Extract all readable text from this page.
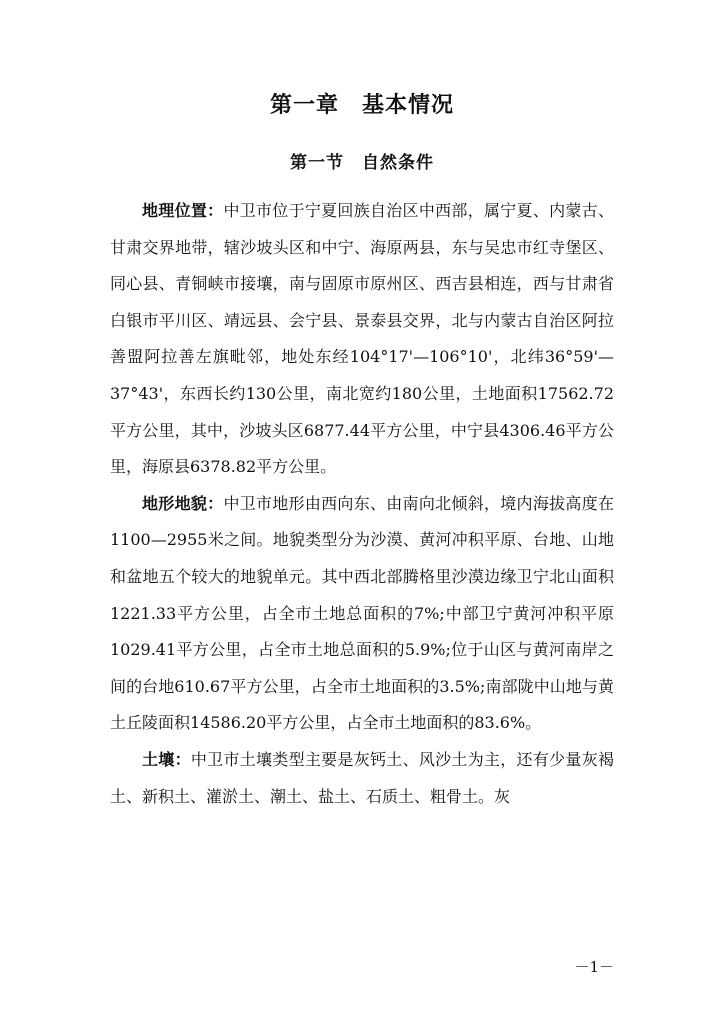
第一章　基本情况
第一节　自然条件

地理位置：中卫市位于宁夏回族自治区中西部，属宁夏、内蒙古、甘肃交界地带，辖沙坡头区和中宁、海原两县，东与吴忠市红寺堡区、同心县、青铜峡市接壤，南与固原市原州区、西吉县相连，西与甘肃省白银市平川区、靖远县、会宁县、景泰县交界，北与内蒙古自治区阿拉善盟阿拉善左旗毗邻，地处东经104°17'—106°10'，北纬36°59'—37°43'，东西长约130公里，南北宽约180公里，土地面积17562.72平方公里，其中，沙坡头区6877.44平方公里，中宁县4306.46平方公里，海原县6378.82平方公里。

地形地貌：中卫市地形由西向东、由南向北倾斜，境内海拔高度在1100—2955米之间。地貌类型分为沙漠、黄河冲积平原、台地、山地和盆地五个较大的地貌单元。其中西北部腾格里沙漠边缘卫宁北山面积1221.33平方公里，占全市土地总面积的7%;中部卫宁黄河冲积平原1029.41平方公里，占全市土地总面积的5.9%;位于山区与黄河南岸之间的台地610.67平方公里，占全市土地面积的3.5%;南部陇中山地与黄土丘陵面积14586.20平方公里，占全市土地面积的83.6%。

土壤：中卫市土壤类型主要是灰钙土、风沙土为主，还有少量灰褐土、新积土、灌淤土、潮土、盐土、石质土、粗骨土。灰

－1－
